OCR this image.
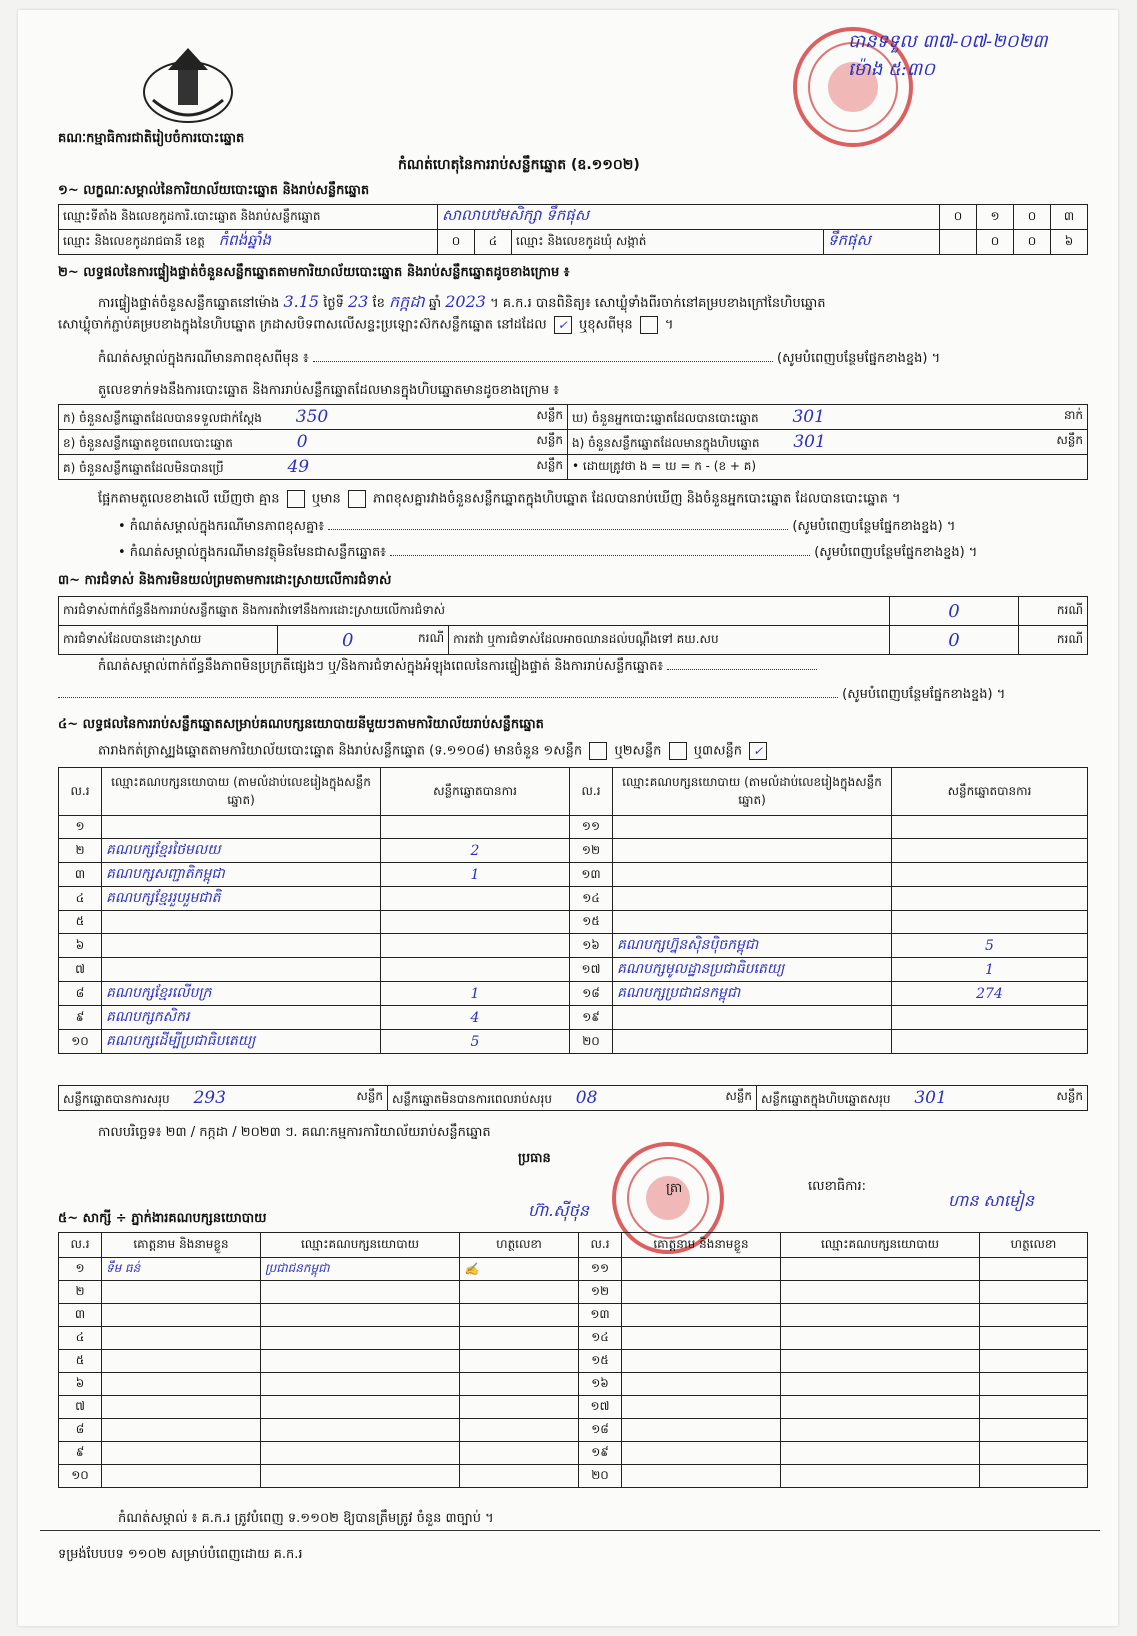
គណៈកម្មាធិការជាតិរៀបចំការបោះឆ្នោត
បានទទួល ៣៧-០៧-២០២៣ ម៉ោង ៥:៣០
កំណត់ហេតុនៃការរាប់សន្លឹកឆ្នោត (ឧ.១១០២)
១~ លក្ខណៈសម្គាល់នៃការិយាល័យបោះឆ្នោត និងរាប់សន្លឹកឆ្នោត
ឈ្មោះទីតាំង និងលេខកូដការិ.បោះឆ្នោត និងរាប់សន្លឹកឆ្នោត	សាលាបឋមសិក្សា ទឹកផុស				០	១	០	៣
ឈ្មោះ និងលេខកូដរាជធានី ខេត្ត កំពង់ឆ្នាំង	០	៤	ឈ្មោះ និងលេខកូដឃុំ សង្កាត់	ទឹកផុស		០	០	៦
២~ លទ្ធផលនៃការផ្ទៀងផ្ទាត់ចំនួនសន្លឹកឆ្នោតតាមការិយាល័យបោះឆ្នោត និងរាប់សន្លឹកឆ្នោតដូចខាងក្រោម ៖
ការផ្ទៀងផ្ទាត់ចំនួនសន្លឹកឆ្នោតនៅម៉ោង 3.15 ថ្ងៃទី 23 ខែ កក្កដា ឆ្នាំ 2023 ។ គ.ក.រ បានពិនិត្យ៖ សោឃ្លុំទាំងពីរចាក់នៅគម្របខាងក្រៅនៃហិបឆ្នោត
សោឃ្លុំចាក់ភ្ជាប់គម្របខាងក្នុងនៃហិបឆ្នោត ក្រដាសបិទពាសលើសន្ទះប្រឡោះស៊កសន្លឹកឆ្នោត នៅដដែល ✓ ឬខុសពីមុន ។
កំណត់សម្គាល់ក្នុងករណីមានភាពខុសពីមុន ៖	(សូមបំពេញបន្ថែមផ្នែកខាងខ្នង) ។
តួលេខទាក់ទងនឹងការបោះឆ្នោត និងការរាប់សន្លឹកឆ្នោតដែលមានក្នុងហិបឆ្នោតមានដូចខាងក្រោម ៖
ក) ចំនួនសន្លឹកឆ្នោតដែលបានទទួលជាក់ស្តែង 350 សន្លឹក	ឃ) ចំនួនអ្នកបោះឆ្នោតដែលបានបោះឆ្នោត 301 នាក់

ខ) ចំនួនសន្លឹកឆ្នោតខូចពេលបោះឆ្នោត 0 សន្លឹក	ង) ចំនួនសន្លឹកឆ្នោតដែលមានក្នុងហិបឆ្នោត 301 សន្លឹក

គ) ចំនួនសន្លឹកឆ្នោតដែលមិនបានប្រើ 49 សន្លឹក	• ដោយត្រូវថា ង = ឃ = ក - (ខ + គ)
ផ្អែកតាមតួលេខខាងលើ ឃើញថា គ្មាន ឬមាន ភាពខុសគ្នារវាងចំនួនសន្លឹកឆ្នោតក្នុងហិបឆ្នោត ដែលបានរាប់ឃើញ និងចំនួនអ្នកបោះឆ្នោត ដែលបានបោះឆ្នោត ។
• កំណត់សម្គាល់ក្នុងករណីមានភាពខុសគ្នា៖	(សូមបំពេញបន្ថែមផ្នែកខាងខ្នង) ។
• កំណត់សម្គាល់ក្នុងករណីមានវត្ថុមិនមែនជាសន្លឹកឆ្នោត៖	(សូមបំពេញបន្ថែមផ្នែកខាងខ្នង) ។
៣~ ការជំទាស់ និងការមិនយល់ព្រមតាមការដោះស្រាយលើការជំទាស់
ការជំទាស់ពាក់ព័ន្ធនឹងការរាប់សន្លឹកឆ្នោត និងការតវ៉ាទៅនឹងការដោះស្រាយលើការជំទាស់			0	ករណី
ការជំទាស់ដែលបានដោះស្រាយ	0 ករណី	ការតវ៉ា ឬការជំទាស់ដែលអាចឈានដល់បណ្តឹងទៅ គឃ.សប	0	ករណី
កំណត់សម្គាល់ពាក់ព័ន្ធនឹងភាពមិនប្រក្រតីផ្សេងៗ ឬ/និងការជំទាស់ក្នុងអំឡុងពេលនៃការផ្ទៀងផ្ទាត់ និងការរាប់សន្លឹកឆ្នោត៖
(សូមបំពេញបន្ថែមផ្នែកខាងខ្នង) ។
៤~ លទ្ធផលនៃការរាប់សន្លឹកឆ្នោតសម្រាប់គណបក្សនយោបាយនីមួយៗតាមការិយាល័យរាប់សន្លឹកឆ្នោត
តារាងកត់ត្រាស្ទ្បងឆ្នោតតាមការិយាល័យបោះឆ្នោត និងរាប់សន្លឹកឆ្នោត (ទ.១១០៨) មានចំនួន ១សន្លឹក ឬ២សន្លឹក ឬ៣សន្លឹក ✓
ល.រ	ឈ្មោះគណបក្សនយោបាយ (តាមលំដាប់លេខរៀងក្នុងសន្លឹកឆ្នោត)	សន្លឹកឆ្នោតបានការ	ល.រ	ឈ្មោះគណបក្សនយោបាយ (តាមលំដាប់លេខរៀងក្នុងសន្លឹកឆ្នោត)	សន្លឹកឆ្នោតបានការ
១			១១		
២	គណបក្សខ្មែរថៃមលយ	2	១២		
៣	គណបក្សសញ្ជាតិកម្ពុជា	1	១៣		
៤	គណបក្សខ្មែររួបរួមជាតិ		១៤		
៥			១៥		
៦			១៦	គណបក្សហ្វ៊ុនស៊ិនប៉ិចកម្ពុជា	5
៧			១៧	គណបក្សមូលដ្ឋានប្រជាធិបតេយ្យ	1
៨	គណបក្សខ្មែរលើបក្រ	1	១៨	គណបក្សប្រជាជនកម្ពុជា	274
៩	គណបក្សកសិករ	4	១៩		
១០	គណបក្សដើម្បីប្រជាធិបតេយ្យ	5	២០		
សន្លឹកឆ្នោតបានការសរុប 293	សន្លឹក	សន្លឹកឆ្នោតមិនបានការពេលរាប់សរុប 08	សន្លឹក	សន្លឹកឆ្នោតក្នុងហិបឆ្នោតសរុប 301	សន្លឹក
កាលបរិច្ឆេទ៖ ២៣ / កក្កដា / ២០២៣ ៗ. គណៈកម្មការការិយាល័យរាប់សន្លឹកឆ្នោត
ប្រធាន
ហ៊ា.ស៊ីថុន
ត្រា	លេខាធិការ:
ហាន សាមៀន
៥~ សាក្សី ÷ ភ្នាក់ងារគណបក្សនយោបាយ
ល.រ	គោត្តនាម និងនាមខ្លួន	ឈ្មោះគណបក្សនយោបាយ	ហត្ថលេខា	ល.រ	គោត្តនាម និងនាមខ្លួន	ឈ្មោះគណបក្សនយោបាយ	ហត្ថលេខា
១	ទឹម ធន់	ប្រជាជនកម្ពុជា	✍	១១			
២				១២			
៣				១៣			
៤				១៤			
៥				១៥			
៦				១៦			
៧				១៧			
៨				១៨			
៩				១៩			
១០				២០			
កំណត់សម្គាល់ ៖ គ.ក.រ ត្រូវបំពេញ ទ.១១០២ ឱ្យបានត្រឹមត្រូវ ចំនួន ៣ច្បាប់ ។
ទម្រង់បែបបទ ១១០២ សម្រាប់បំពេញដោយ គ.ក.រ
